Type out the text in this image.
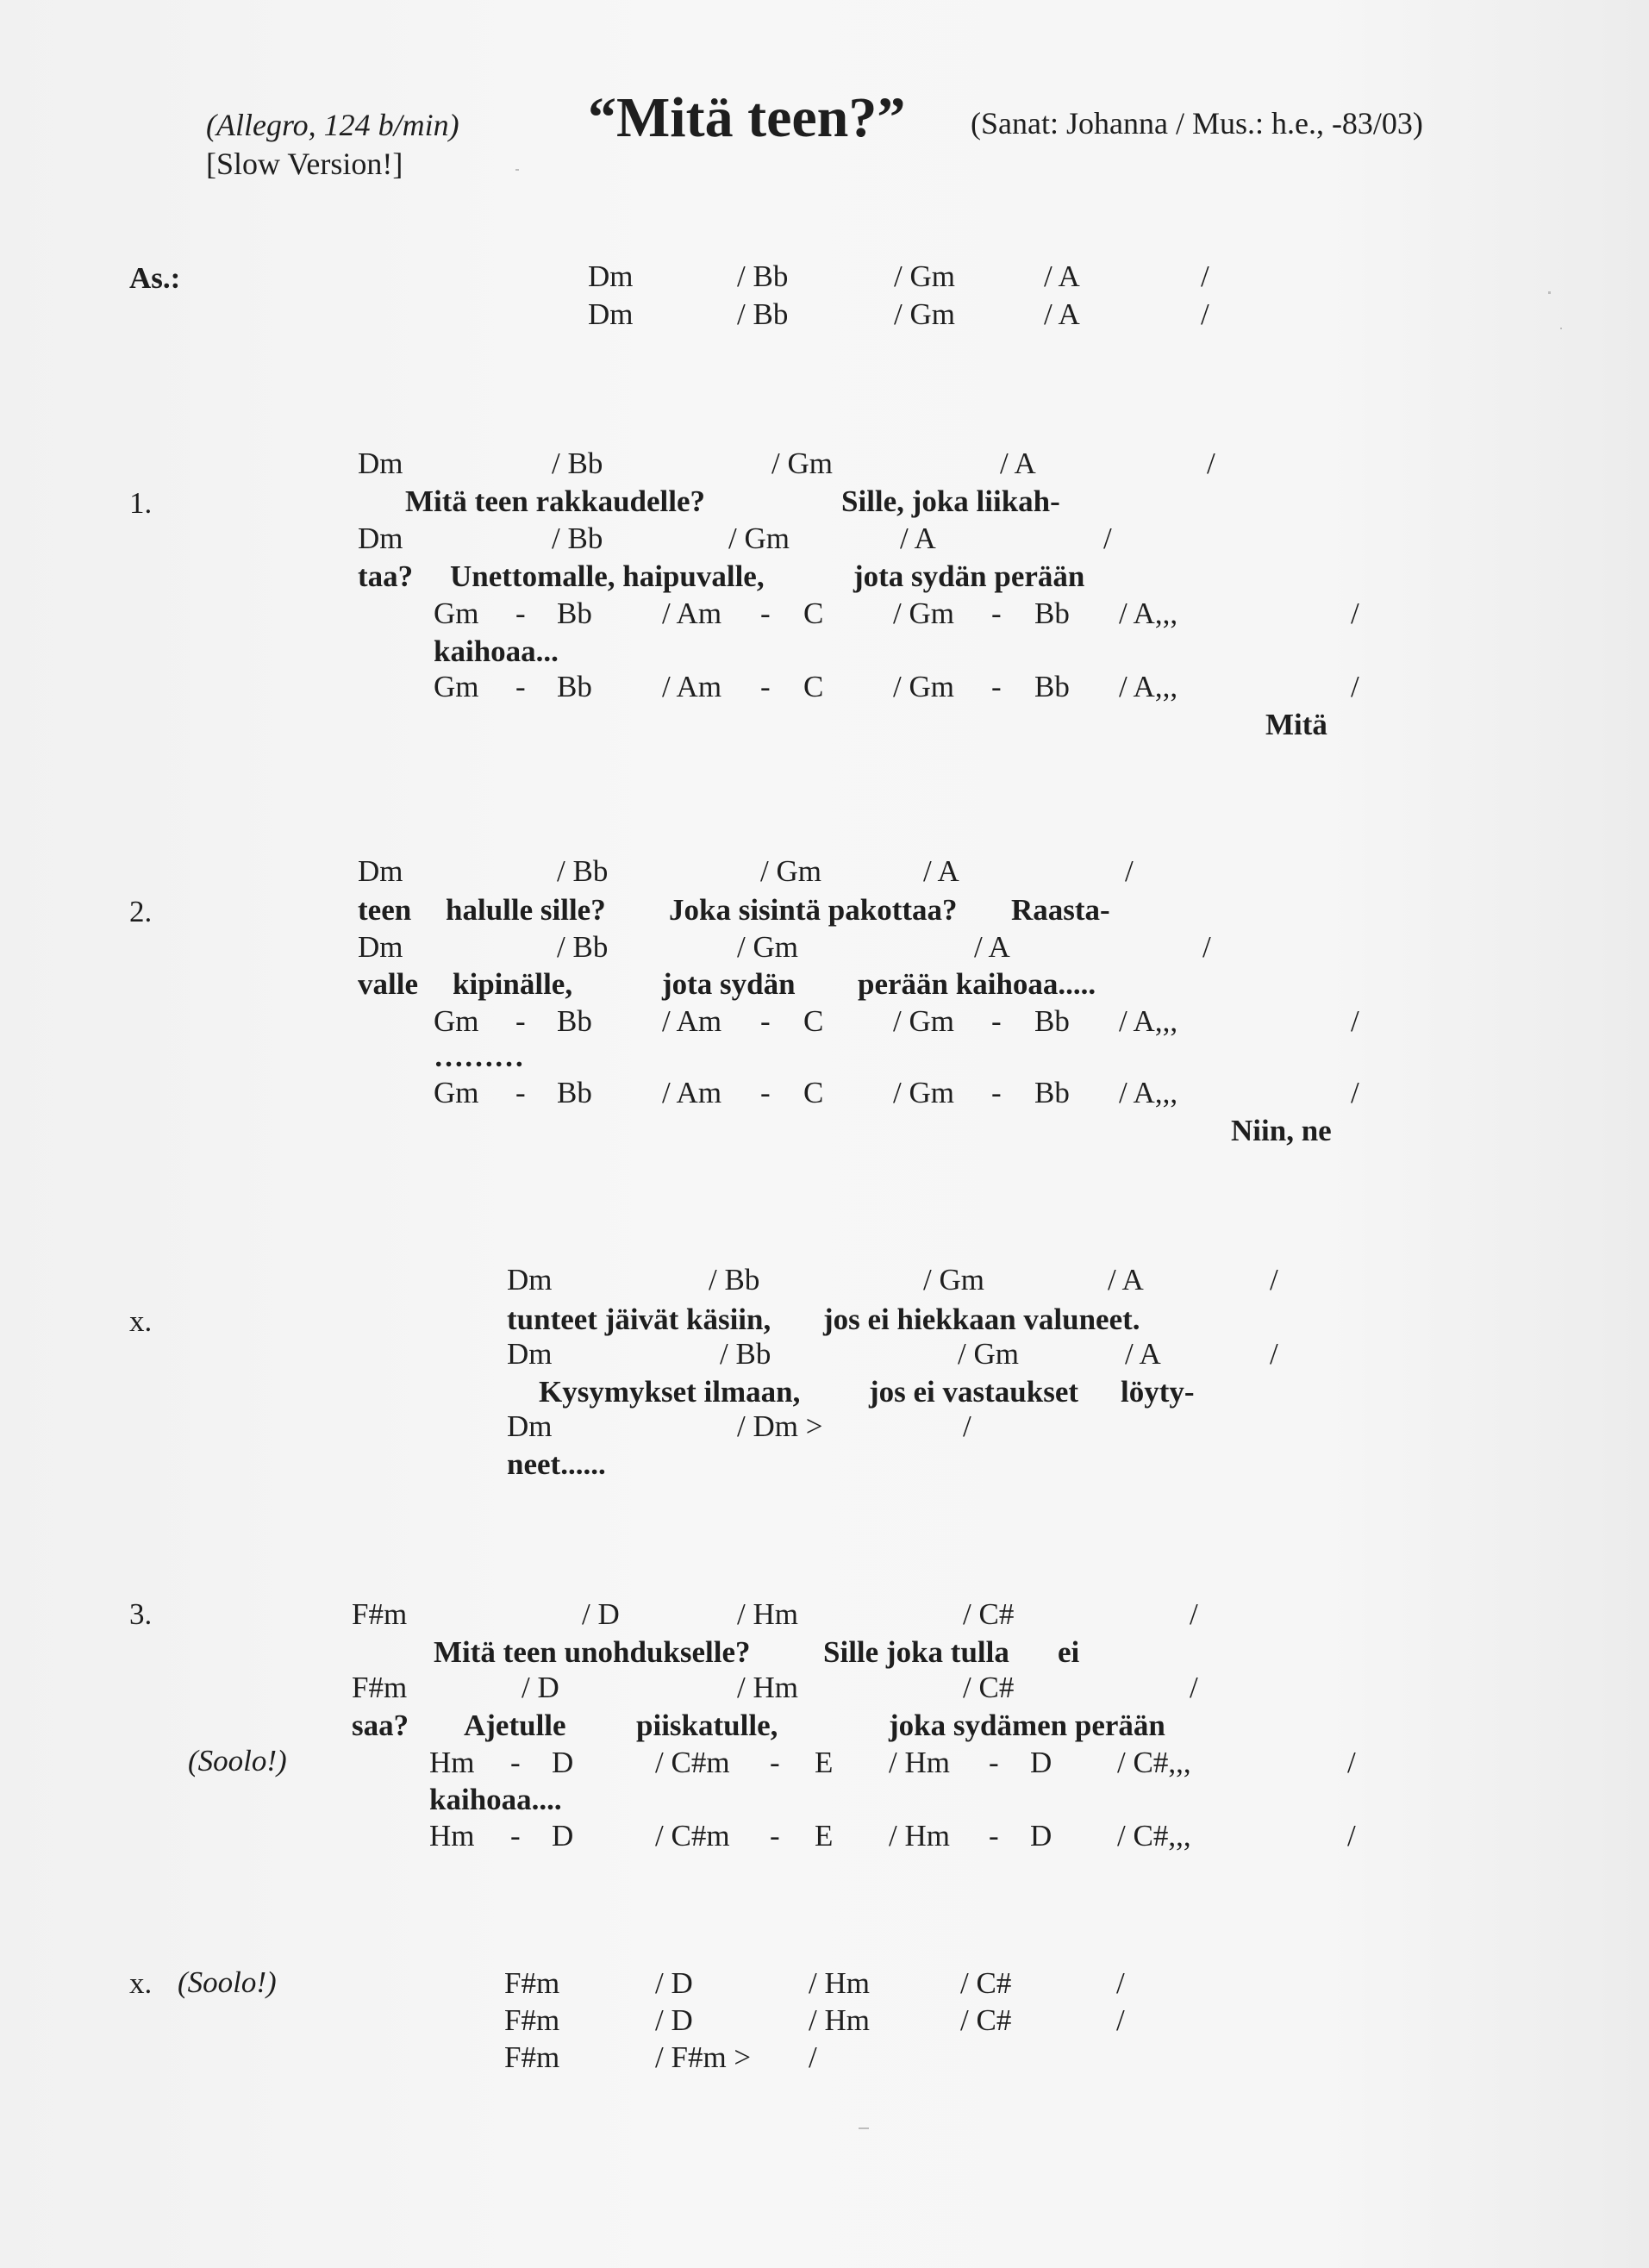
(Allegro, 124 b/min)
[Slow Version!]
“Mitä teen?” (Sanat: Johanna / Mus.: h.e., -83/03)
As.:	Dm	/ Bb	/ Gm	/ A	/
Dm	/ Bb	/ Gm	/ A	/
1.
Dm	/ Bb	/ Gm	/ A	/
Mitä teen rakkaudelle?	Sille, joka liikah-
Dm	/ Bb	/ Gm	/ A	/
taa? Unettomalle, haipuvalle,	jota sydän perään
Gm - Bb / Am - C / Gm - Bb / A,,,	/
kaihoaa...
Gm - Bb / Am - C / Gm - Bb / A,,,	/
Mitä
2.
Dm	/ Bb	/ Gm	/ A	/
teen halulle sille? Joka sisintä pakottaa? Raasta-
Dm	/ Bb	/ Gm	/ A	/
valle kipinälle,	jota sydän perään kaihoaa.....
Gm - Bb / Am - C / Gm - Bb / A,,,	/
………
Gm - Bb / Am - C / Gm - Bb / A,,,	/
Niin, ne
x.
Dm	/ Bb	/ Gm	/ A	/
tunteet jäivät käsiin, jos ei hiekkaan valuneet.
Dm	/ Bb	/ Gm	/ A	/
Kysymykset ilmaan, jos ei vastaukset löyty-
Dm	/ Dm >	/
neet......
3.
(Soolo!)
F#m	/ D	/ Hm	/ C#	/
Mitä teen unohdukselle? Sille joka tulla ei
F#m	/ D	/ Hm	/ C#	/
saa? Ajetulle piiskatulle,	joka sydämen perään
Hm - D	/ C#m - E / Hm - D / C#,,,	/
kaihoaa....
Hm - D	/ C#m - E / Hm - D / C#,,,	/
x. (Soolo!)	F#m	/ D	/ Hm	/ C#	/
F#m	/ D	/ Hm	/ C#	/
F#m	/ F#m > /
